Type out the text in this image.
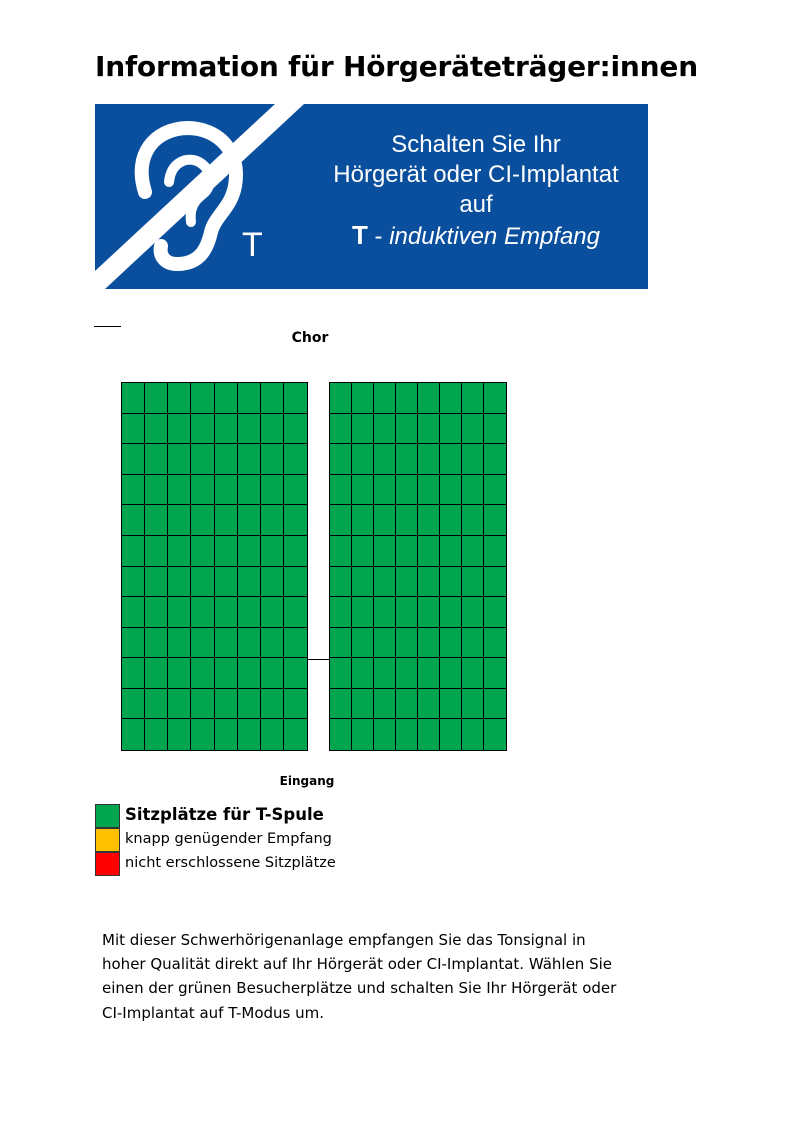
Information für Hörgeräteträger:innen
T
Schalten Sie Ihr
Hörgerät oder CI-Implantat
auf
T - induktiven Empfang
Chor
Eingang
Sitzplätze für T-Spule
knapp genügender Empfang
nicht erschlossene Sitzplätze

Mit dieser Schwerhörigenanlage empfangen Sie das Tonsignal in hoher Qualität direkt auf Ihr Hörgerät oder CI-Implantat. Wählen Sie einen der grünen Besucherplätze und schalten Sie Ihr Hörgerät oder CI-Implantat auf T-Modus um.
